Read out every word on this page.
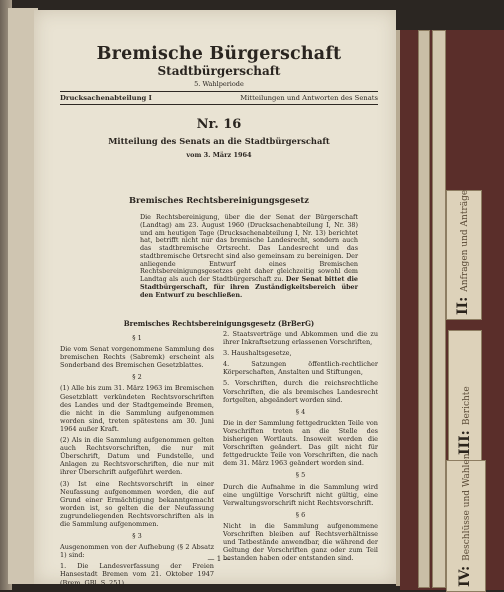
II:Anfragen und Anträge
III:Berichte
IV:Beschlüsse und Wahlen
Bremische Bürgerschaft
Stadtbürgerschaft
5. Wahlperiode
Drucksachenabteilung I	Mitteilungen und Antworten des Senats
Nr. 16
Mitteilung des Senats an die Stadtbürgerschaft
vom 3. März 1964
Bremisches Rechtsbereinigungsgesetz
Die Rechtsbereinigung, über die der Senat der Bürgerschaft (Landtag) am 23. August 1960 (Drucksachenabteilung I, Nr. 38) und am heutigen Tage (Drucksachenabteilung I, Nr. 13) berichtet hat, betrifft nicht nur das bremische Landesrecht, sondern auch das stadtbremische Ortsrecht. Das Landesrecht und das stadtbremische Ortsrecht sind also gemeinsam zu bereinigen. Der anliegende Entwurf eines Bremischen Rechtsbereinigungsgesetzes geht daher gleichzeitig sowohl dem Landtag als auch der Stadtbürgerschaft zu. Der Senat bittet die Stadtbürgerschaft, für ihren Zuständigkeitsbereich über den Entwurf zu beschließen.
Bremisches Rechtsbereinigungsgesetz (BrBerG)
§ 1

Die vom Senat vorgenommene Sammlung des bremischen Rechts (Sabremk) erscheint als Sonderband des Bremischen Gesetzblattes.

§ 2

(1) Alle bis zum 31. März 1963 im Bremischen Gesetzblatt verkündeten Rechtsvorschriften des Landes und der Stadtgemeinde Bremen, die nicht in die Sammlung aufgenommen worden sind, treten spätestens am 30. Juni 1964 außer Kraft.

(2) Als in die Sammlung aufgenommen gelten auch Rechtsvorschriften, die nur mit Überschrift, Datum und Fundstelle, und Anlagen zu Rechtsvorschriften, die nur mit ihrer Überschrift aufgeführt werden.

(3) Ist eine Rechtsvorschrift in einer Neufassung aufgenommen worden, die auf Grund einer Ermächtigung bekanntgemacht worden ist, so gelten die der Neufassung zugrundeliegenden Rechtsvorschriften als in die Sammlung aufgenommen.

§ 3

Ausgenommen von der Aufhebung (§ 2 Absatz 1) sind:

1. Die Landesverfassung der Freien Hansestadt Bremen vom 21. Oktober 1947 (Brem. GBl. S. 251),

2. Staatsverträge und Abkommen und die zu ihrer Inkraftsetzung erlassenen Vorschriften,

3. Haushaltsgesetze,

4. Satzungen öffentlich-rechtlicher Körperschaften, Anstalten und Stiftungen,

5. Vorschriften, durch die reichsrechtliche Vorschriften, die als bremisches Landesrecht fortgelten, abgeändert worden sind.

§ 4

Die in der Sammlung fettgedruckten Teile von Vorschriften treten an die Stelle des bisherigen Wortlauts. Insoweit werden die Vorschriften geändert. Das gilt nicht für fettgedruckte Teile von Vorschriften, die nach dem 31. März 1963 geändert worden sind.

§ 5

Durch die Aufnahme in die Sammlung wird eine ungültige Vorschrift nicht gültig, eine Verwaltungsvorschrift nicht Rechtsvorschrift.

§ 6

Nicht in die Sammlung aufgenommene Vorschriften bleiben auf Rechtsverhältnisse und Tatbestände anwendbar, die während der Geltung der Vorschriften ganz oder zum Teil bestanden haben oder entstanden sind.

— 1 —
